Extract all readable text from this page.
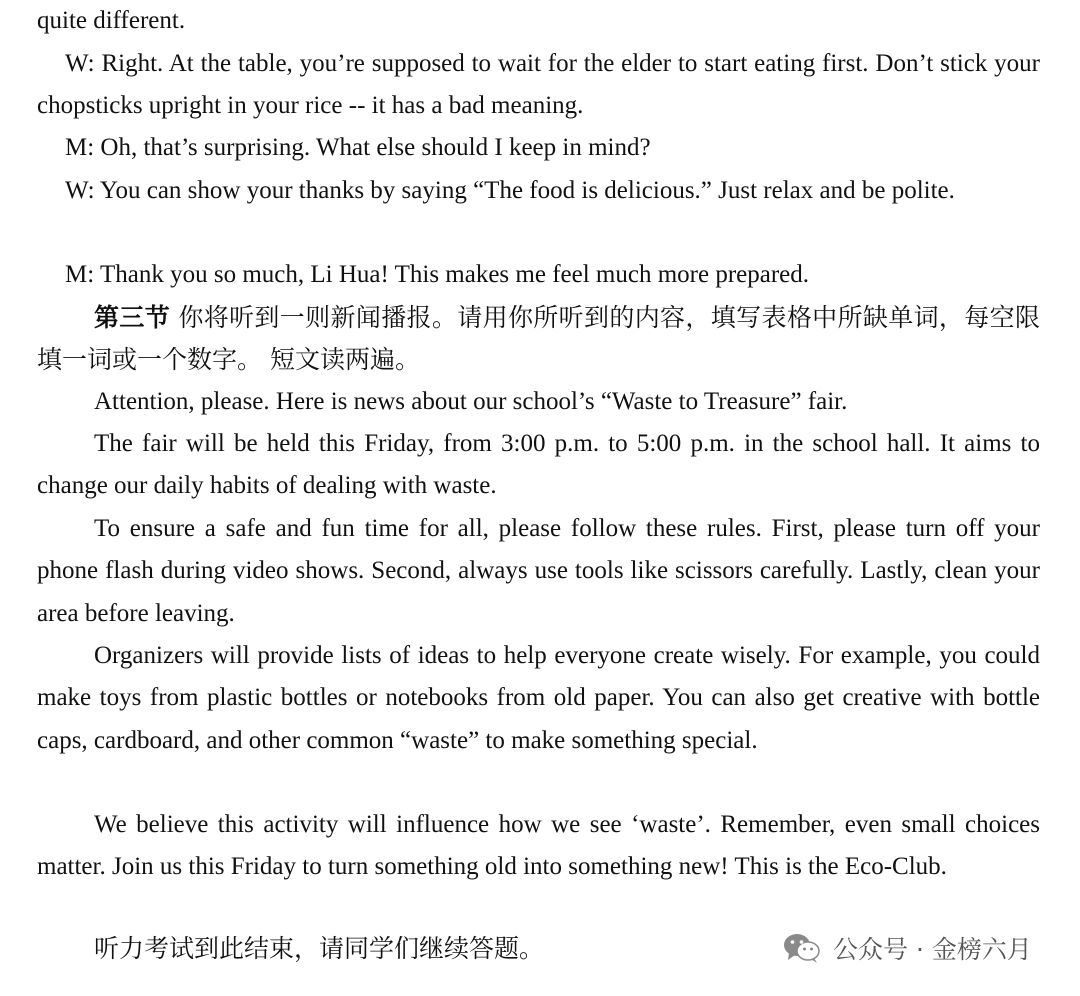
quite different.

W: Right. At the table, you’re supposed to wait for the elder to start eating first. Don’t stick your chopsticks upright in your rice -- it has a bad meaning.

M: Oh, that’s surprising. What else should I keep in mind?

W: You can show your thanks by saying “The food is delicious.” Just relax and be polite.

M: Thank you so much, Li Hua! This makes me feel much more prepared.

第三节 你将听到一则新闻播报。请用你所听到的内容，填写表格中所缺单词，每空限填一词或一个数字。 短文读两遍。

Attention, please. Here is news about our school’s “Waste to Treasure” fair.

The fair will be held this Friday, from 3:00 p.m. to 5:00 p.m. in the school hall. It aims to change our daily habits of dealing with waste.

To ensure a safe and fun time for all, please follow these rules. First, please turn off your phone flash during video shows. Second, always use tools like scissors carefully. Lastly, clean your area before leaving.

Organizers will provide lists of ideas to help everyone create wisely. For example, you could make toys from plastic bottles or notebooks from old paper. You can also get creative with bottle caps, cardboard, and other common “waste” to make something special.

We believe this activity will influence how we see ‘waste’. Remember, even small choices matter. Join us this Friday to turn something old into something new! This is the Eco-Club.

听力考试到此结束，请同学们继续答题。	公众号 · 金榜六月
